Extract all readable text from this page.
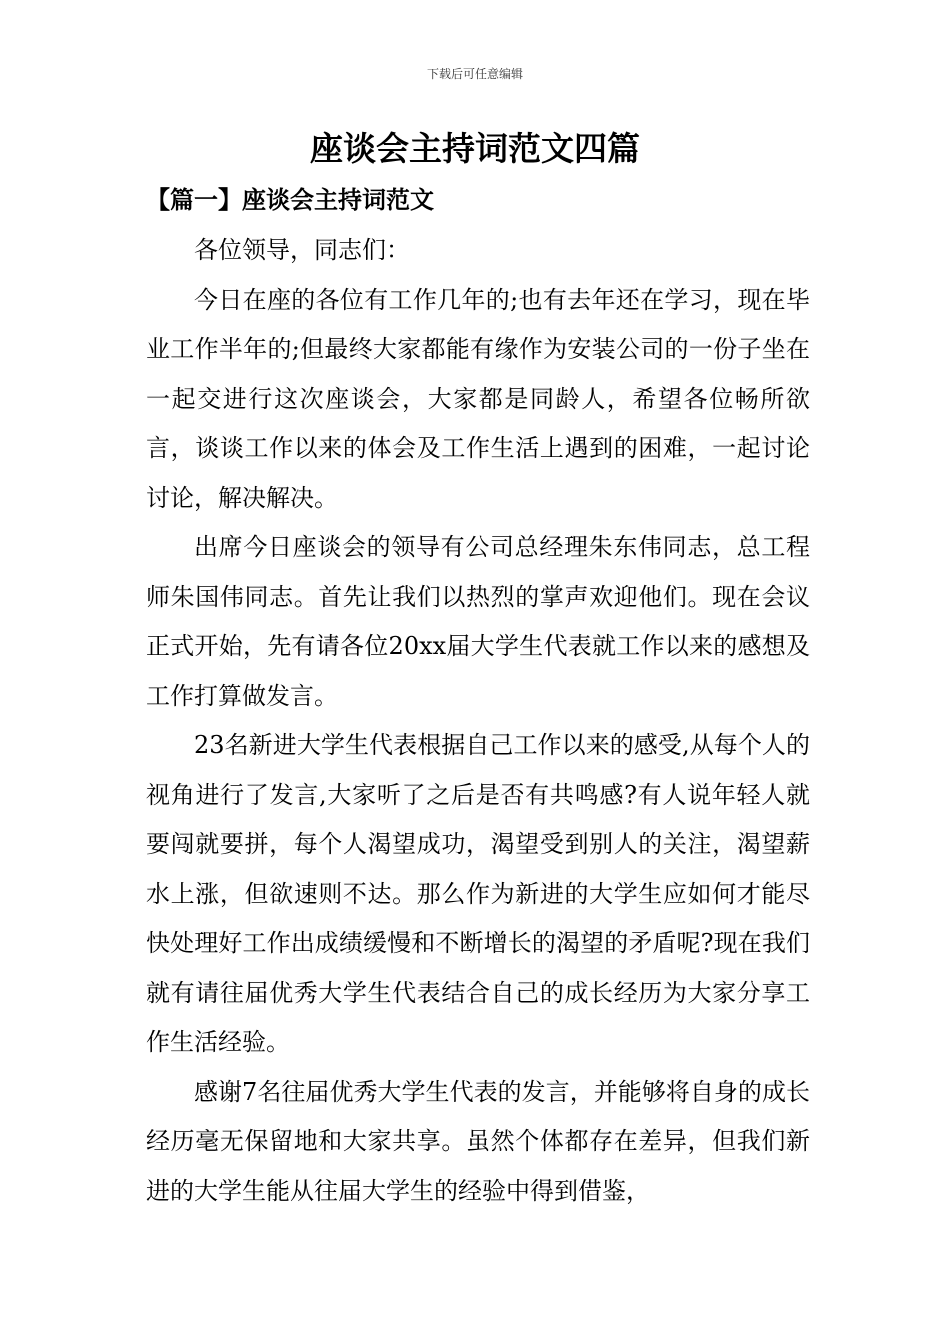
下载后可任意编辑
座谈会主持词范文四篇
【篇一】座谈会主持词范文

各位领导，同志们：

今日在座的各位有工作几年的;也有去年还在学习，现在毕业工作半年的;但最终大家都能有缘作为安装公司的一份子坐在一起交进行这次座谈会，大家都是同龄人，希望各位畅所欲言，谈谈工作以来的体会及工作生活上遇到的困难，一起讨论讨论，解决解决。

出席今日座谈会的领导有公司总经理朱东伟同志，总工程师朱国伟同志。首先让我们以热烈的掌声欢迎他们。现在会议正式开始，先有请各位20xx届大学生代表就工作以来的感想及工作打算做发言。

23名新进大学生代表根据自己工作以来的感受,从每个人的视角进行了发言,大家听了之后是否有共鸣感?有人说年轻人就要闯就要拼，每个人渴望成功，渴望受到别人的关注，渴望薪水上涨，但欲速则不达。那么作为新进的大学生应如何才能尽快处理好工作出成绩缓慢和不断增长的渴望的矛盾呢?现在我们就有请往届优秀大学生代表结合自己的成长经历为大家分享工作生活经验。

感谢7名往届优秀大学生代表的发言，并能够将自身的成长经历毫无保留地和大家共享。虽然个体都存在差异，但我们新进的大学生能从往届大学生的经验中得到借鉴，
